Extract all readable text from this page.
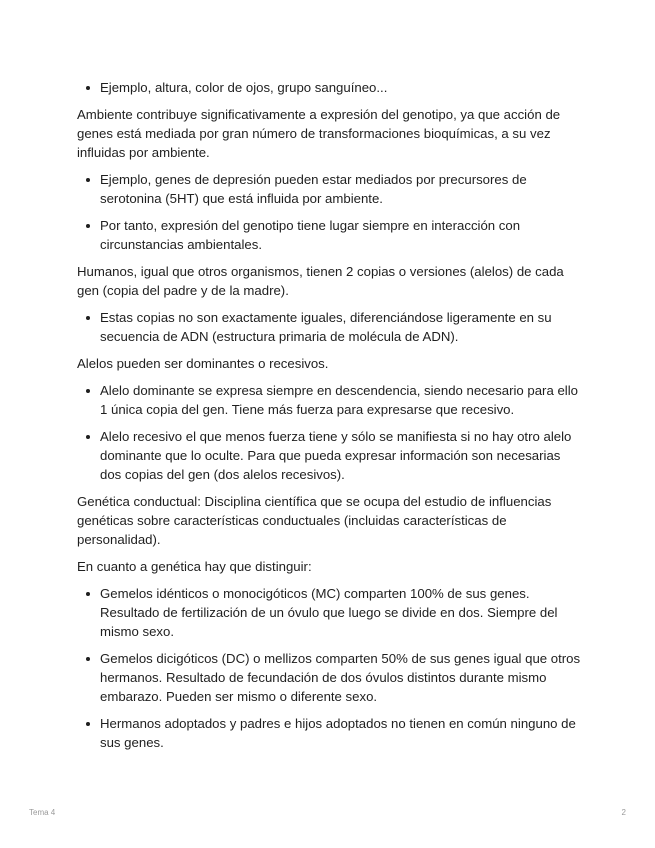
Ejemplo, altura, color de ojos, grupo sanguíneo...

Ambiente contribuye significativamente a expresión del genotipo, ya que acción de genes está mediada por gran número de transformaciones bioquímicas, a su vez influidas por ambiente.

Ejemplo, genes de depresión pueden estar mediados por precursores de serotonina (5HT) que está influida por ambiente.
Por tanto, expresión del genotipo tiene lugar siempre en interacción con circunstancias ambientales.

Humanos, igual que otros organismos, tienen 2 copias o versiones (alelos) de cada gen (copia del padre y de la madre).

Estas copias no son exactamente iguales, diferenciándose ligeramente en su secuencia de ADN (estructura primaria de molécula de ADN).

Alelos pueden ser dominantes o recesivos.

Alelo dominante se expresa siempre en descendencia, siendo necesario para ello 1 única copia del gen. Tiene más fuerza para expresarse que recesivo.
Alelo recesivo el que menos fuerza tiene y sólo se manifiesta si no hay otro alelo dominante que lo oculte. Para que pueda expresar información son necesarias dos copias del gen (dos alelos recesivos).

Genética conductual: Disciplina científica que se ocupa del estudio de influencias genéticas sobre características conductuales (incluidas características de personalidad).

En cuanto a genética hay que distinguir:

Gemelos idénticos o monocigóticos (MC) comparten 100% de sus genes. Resultado de fertilización de un óvulo que luego se divide en dos. Siempre del mismo sexo.
Gemelos dicigóticos (DC) o mellizos comparten 50% de sus genes igual que otros hermanos. Resultado de fecundación de dos óvulos distintos durante mismo embarazo. Pueden ser mismo o diferente sexo.
Hermanos adoptados y padres e hijos adoptados no tienen en común ninguno de sus genes.
Tema 4	2
